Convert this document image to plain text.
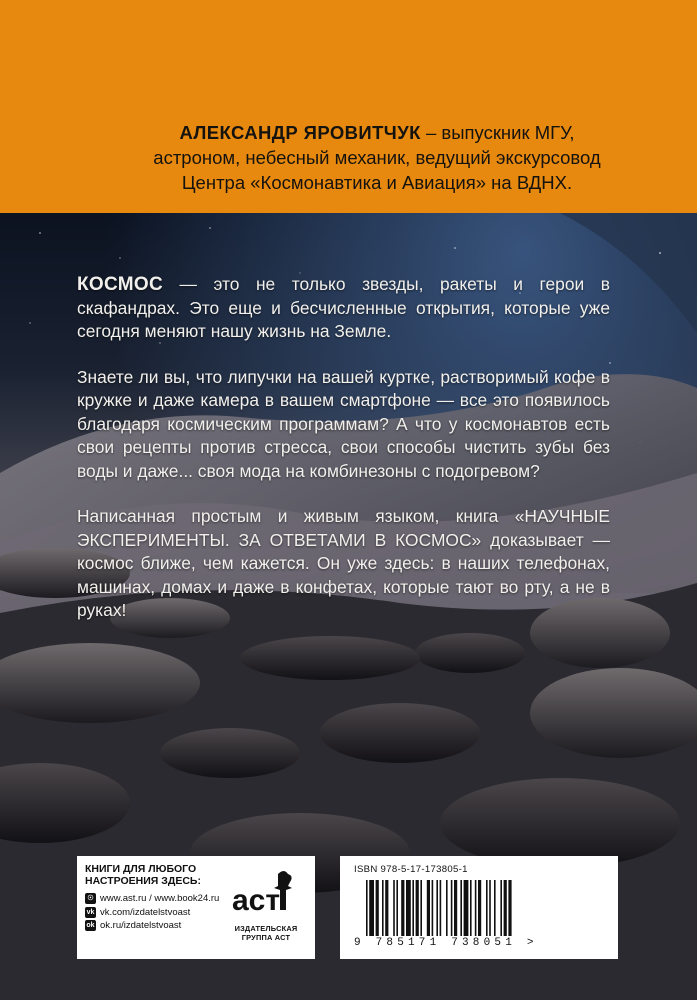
АЛЕКСАНДР ЯРОВИТЧУК – выпускник МГУ,
астроном, небесный механик, ведущий экскурсовод
Центра «Космонавтика и Авиация» на ВДНХ.

КОСМОС — это не только звезды, ракеты и герои в скафандрах. Это еще и бесчисленные открытия, которые уже сегодня меняют нашу жизнь на Земле.

Знаете ли вы, что липучки на вашей куртке, растворимый кофе в кружке и даже камера в вашем смартфоне — все это появилось благодаря космическим программам? А что у космонавтов есть свои рецепты против стресса, свои способы чистить зубы без воды и даже... своя мода на комбинезоны с подогревом?

Написанная простым и живым языком, книга «НАУЧНЫЕ ЭКСПЕРИМЕНТЫ. ЗА ОТВЕТАМИ В КОСМОС» доказывает — космос ближе, чем кажется. Он уже здесь: в наших телефонах, машинах, домах и даже в конфетах, которые тают во рту, а не в руках!

КНИГИ ДЛЯ ЛЮБОГО НАСТРОЕНИЯ ЗДЕСЬ:
☉ www.ast.ru / www.book24.ru
vk vk.com/izdatelstvoast
ok ok.ru/izdatelstvoast
аст
ИЗДАТЕЛЬСКАЯ
ГРУППА АСТ
ISBN 978-5-17-173805-1
9 785171 738051 >
